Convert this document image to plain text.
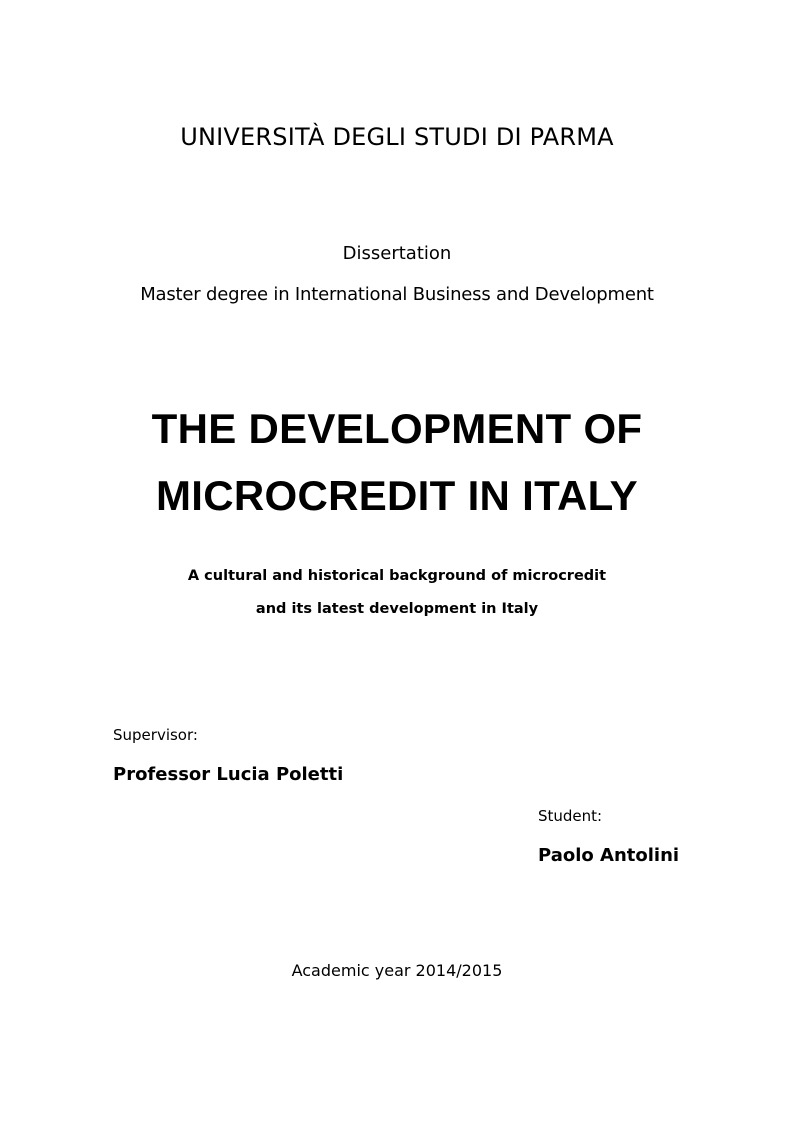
UNIVERSITÀ DEGLI STUDI DI PARMA
Dissertation
Master degree in International Business and Development
THE DEVELOPMENT OF
MICROCREDIT IN ITALY
A cultural and historical background of microcredit
and its latest development in Italy
Supervisor:
Professor Lucia Poletti
Student:
Paolo Antolini
Academic year 2014/2015
